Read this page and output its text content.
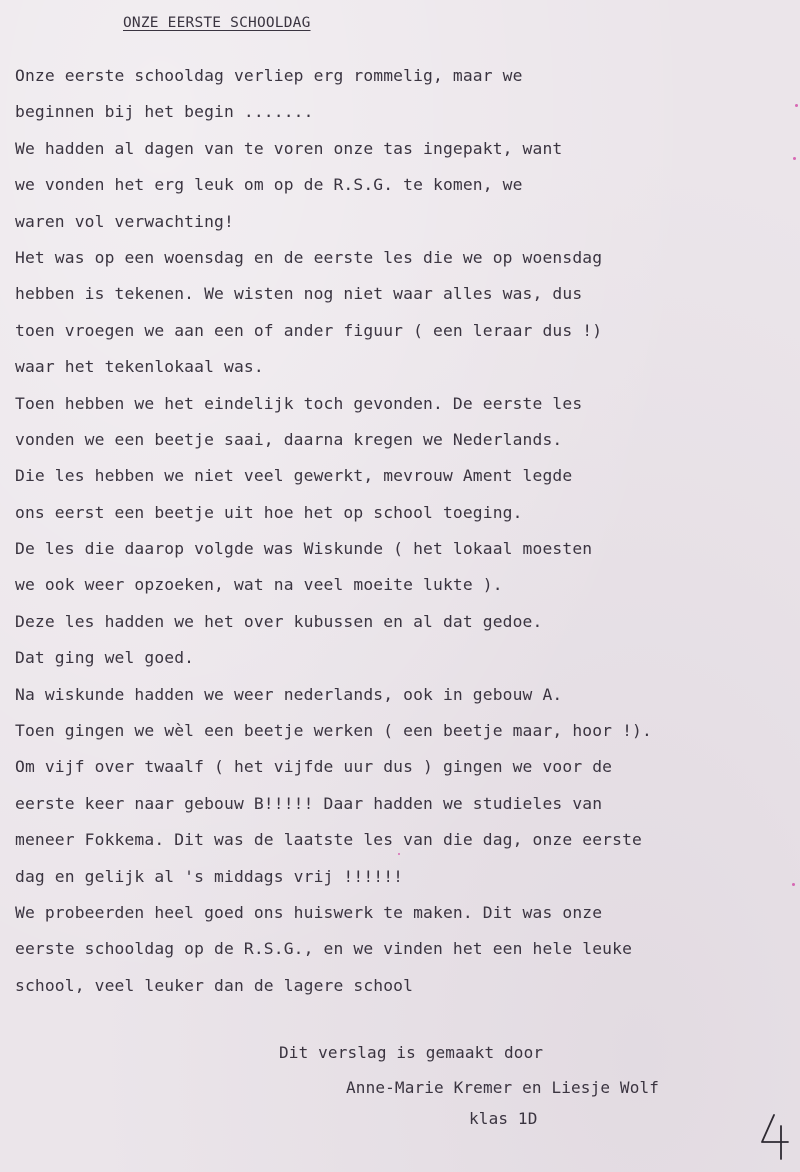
ONZE EERSTE SCHOOLDAG
Onze eerste schooldag verliep erg rommelig, maar we
beginnen bij het begin .......
We hadden al dagen van te voren onze tas ingepakt, want
we vonden het erg leuk om op de R.S.G. te komen, we
waren vol verwachting!
Het was op een woensdag en de eerste les die we op woensdag
hebben is tekenen. We wisten nog niet waar alles was, dus
toen vroegen we aan een of ander figuur ( een leraar dus !)
waar het tekenlokaal was.
Toen hebben we het eindelijk toch gevonden. De eerste les
vonden we een beetje saai, daarna kregen we Nederlands.
Die les hebben we niet veel gewerkt, mevrouw Ament legde
ons eerst een beetje uit hoe het op school toeging.
De les die daarop volgde was Wiskunde ( het lokaal moesten
we ook weer opzoeken, wat na veel moeite lukte ).
Deze les hadden we het over kubussen en al dat gedoe.
Dat ging wel goed.
Na wiskunde hadden we weer nederlands, ook in gebouw A.
Toen gingen we wèl een beetje werken ( een beetje maar, hoor !).
Om vijf over twaalf ( het vijfde uur dus ) gingen we voor de
eerste keer naar gebouw B!!!!! Daar hadden we studieles van
meneer Fokkema. Dit was de laatste les van die dag, onze eerste
dag en gelijk al 's middags vrij !!!!!!
We probeerden heel goed ons huiswerk te maken. Dit was onze
eerste schooldag op de R.S.G., en we vinden het een hele leuke
school, veel leuker dan de lagere school
Dit verslag is gemaakt door
Anne-Marie Kremer en Liesje Wolf
klas 1D
